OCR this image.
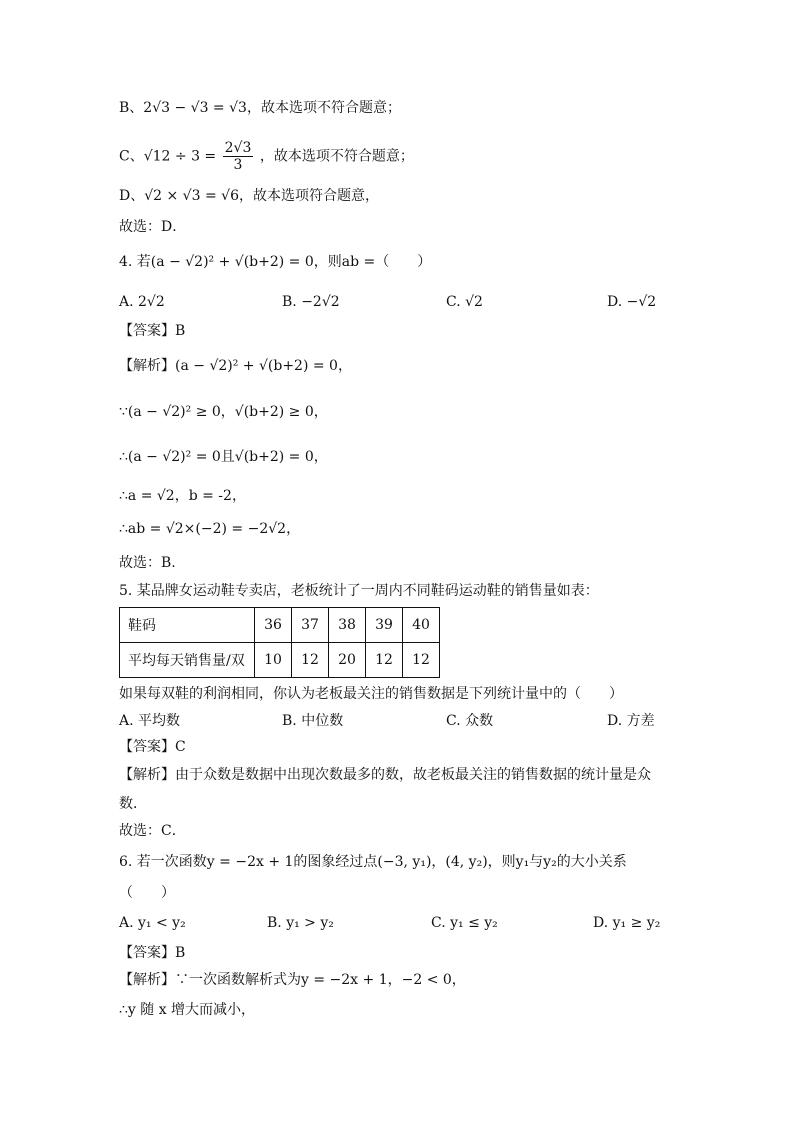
B、2√3 − √3 = √3，故本选项不符合题意；
C、$√12 \div 3 = \frac{2√3}{3}$ ，故本选项不符合题意；
D、√2 × √3 = √6，故本选项符合题意，
故选：D．
4. 若(a − √2)² + √(b+2) = 0，则ab =（　　）
A. 2√2	B. −2√2	C. √2	D. −√2
【答案】B
【解析】(a − √2)² + √(b+2) = 0，
∵(a − √2)² ≥ 0，√(b+2) ≥ 0，
∴(a − √2)² = 0且√(b+2) = 0，
∴a = √2，b = -2，
∴ab = √2×(−2) = −2√2，
故选：B.
5. 某品牌女运动鞋专卖店，老板统计了一周内不同鞋码运动鞋的销售量如表：
鞋码	36	37	38	39	40
平均每天销售量/双	10	12	20	12	12
如果每双鞋的利润相同，你认为老板最关注的销售数据是下列统计量中的（　　）
A. 平均数	B. 中位数	C. 众数	D. 方差
【答案】C
【解析】由于众数是数据中出现次数最多的数，故老板最关注的销售数据的统计量是众
数．
故选：C．
6. 若一次函数y = −2x + 1的图象经过点(−3, y₁)，(4, y₂)，则y₁与y₂的大小关系
（　　）
A. y₁ < y₂	B. y₁ > y₂	C. y₁ ≤ y₂	D. y₁ ≥ y₂
【答案】B
【解析】∵一次函数解析式为y = −2x + 1，−2 < 0，
∴y 随 x 增大而减小，
